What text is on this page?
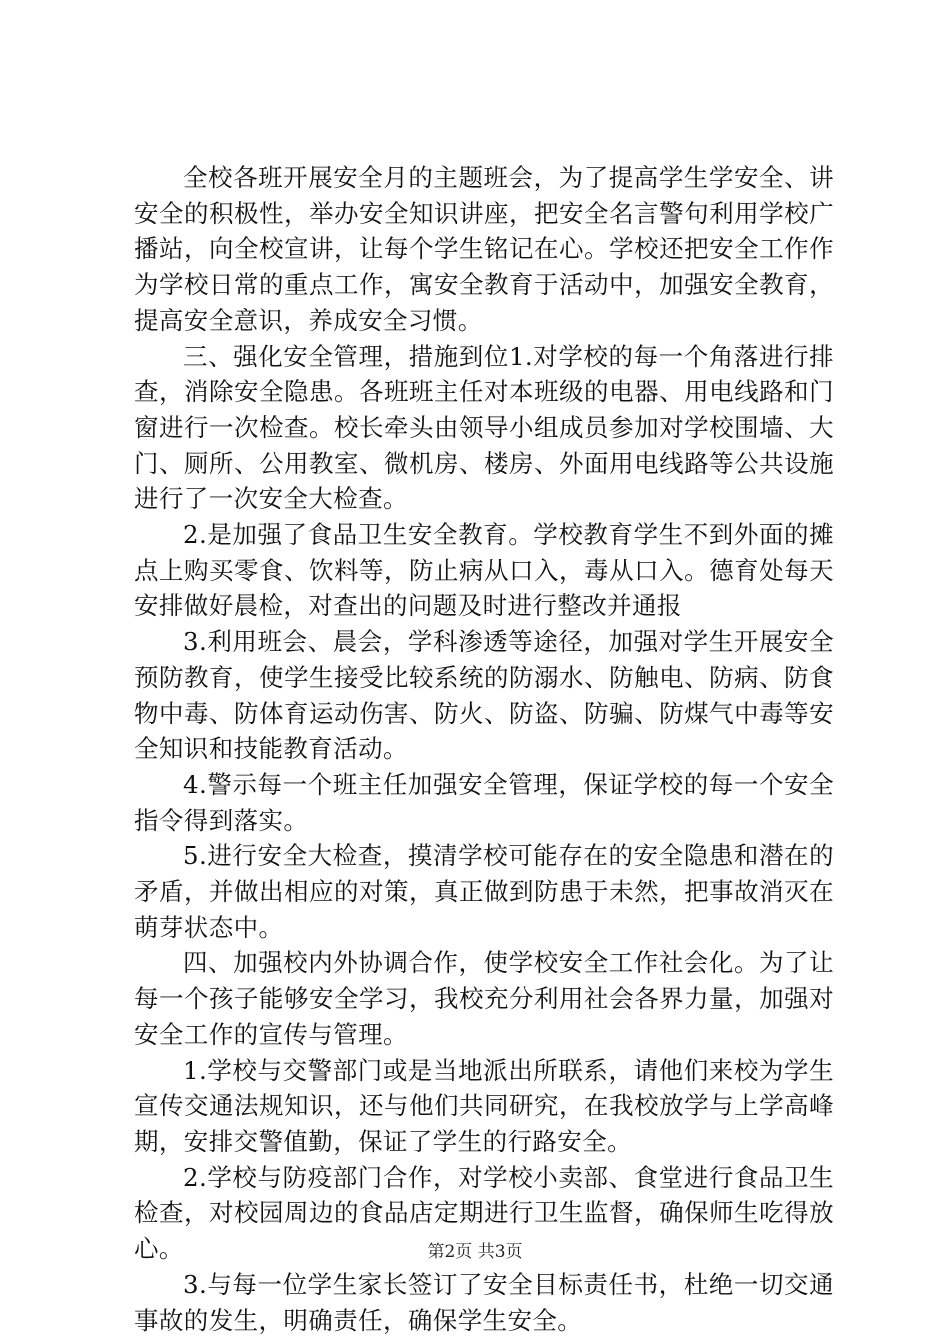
全校各班开展安全月的主题班会，为了提高学生学安全、讲安全的积极性，举办安全知识讲座，把安全名言警句利用学校广播站，向全校宣讲，让每个学生铭记在心。学校还把安全工作作为学校日常的重点工作，寓安全教育于活动中，加强安全教育，提高安全意识，养成安全习惯。

三、强化安全管理，措施到位1.对学校的每一个角落进行排查，消除安全隐患。各班班主任对本班级的电器、用电线路和门窗进行一次检查。校长牵头由领导小组成员参加对学校围墙、大门、厕所、公用教室、微机房、楼房、外面用电线路等公共设施进行了一次安全大检查。

2.是加强了食品卫生安全教育。学校教育学生不到外面的摊点上购买零食、饮料等，防止病从口入，毒从口入。德育处每天安排做好晨检，对查出的问题及时进行整改并通报

3.利用班会、晨会，学科渗透等途径，加强对学生开展安全预防教育，使学生接受比较系统的防溺水、防触电、防病、防食物中毒、防体育运动伤害、防火、防盗、防骗、防煤气中毒等安全知识和技能教育活动。

4.警示每一个班主任加强安全管理，保证学校的每一个安全指令得到落实。

5.进行安全大检查，摸清学校可能存在的安全隐患和潜在的矛盾，并做出相应的对策，真正做到防患于未然，把事故消灭在萌芽状态中。

四、加强校内外协调合作，使学校安全工作社会化。为了让每一个孩子能够安全学习，我校充分利用社会各界力量，加强对安全工作的宣传与管理。

1.学校与交警部门或是当地派出所联系，请他们来校为学生宣传交通法规知识，还与他们共同研究，在我校放学与上学高峰期，安排交警值勤，保证了学生的行路安全。

2.学校与防疫部门合作，对学校小卖部、食堂进行食品卫生检查，对校园周边的食品店定期进行卫生监督，确保师生吃得放心。

3.与每一位学生家长签订了安全目标责任书，杜绝一切交通事故的发生，明确责任，确保学生安全。

第2页 共3页
